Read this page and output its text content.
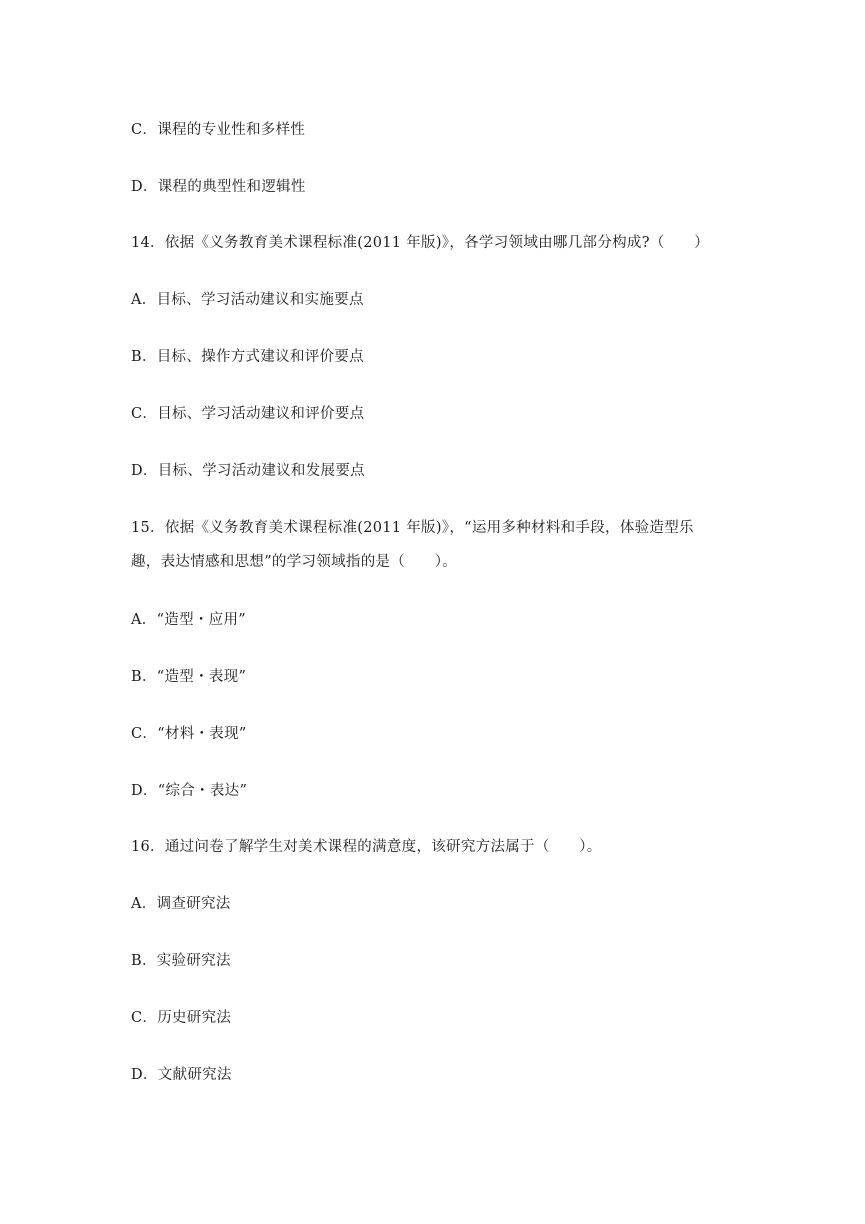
C．课程的专业性和多样性
D．课程的典型性和逻辑性
14．依据《义务教育美术课程标准(2011 年版)》，各学习领域由哪几部分构成?（　　）
A．目标、学习活动建议和实施要点
B．目标、操作方式建议和评价要点
C．目标、学习活动建议和评价要点
D．目标、学习活动建议和发展要点
15．依据《义务教育美术课程标准(2011 年版)》，“运用多种材料和手段，体验造型乐
趣，表达情感和思想”的学习领域指的是（　　）。
A．“造型・应用”
B．“造型・表现”
C．“材料・表现”
D．“综合・表达”
16．通过问卷了解学生对美术课程的满意度，该研究方法属于（　　）。
A．调查研究法
B．实验研究法
C．历史研究法
D．文献研究法
